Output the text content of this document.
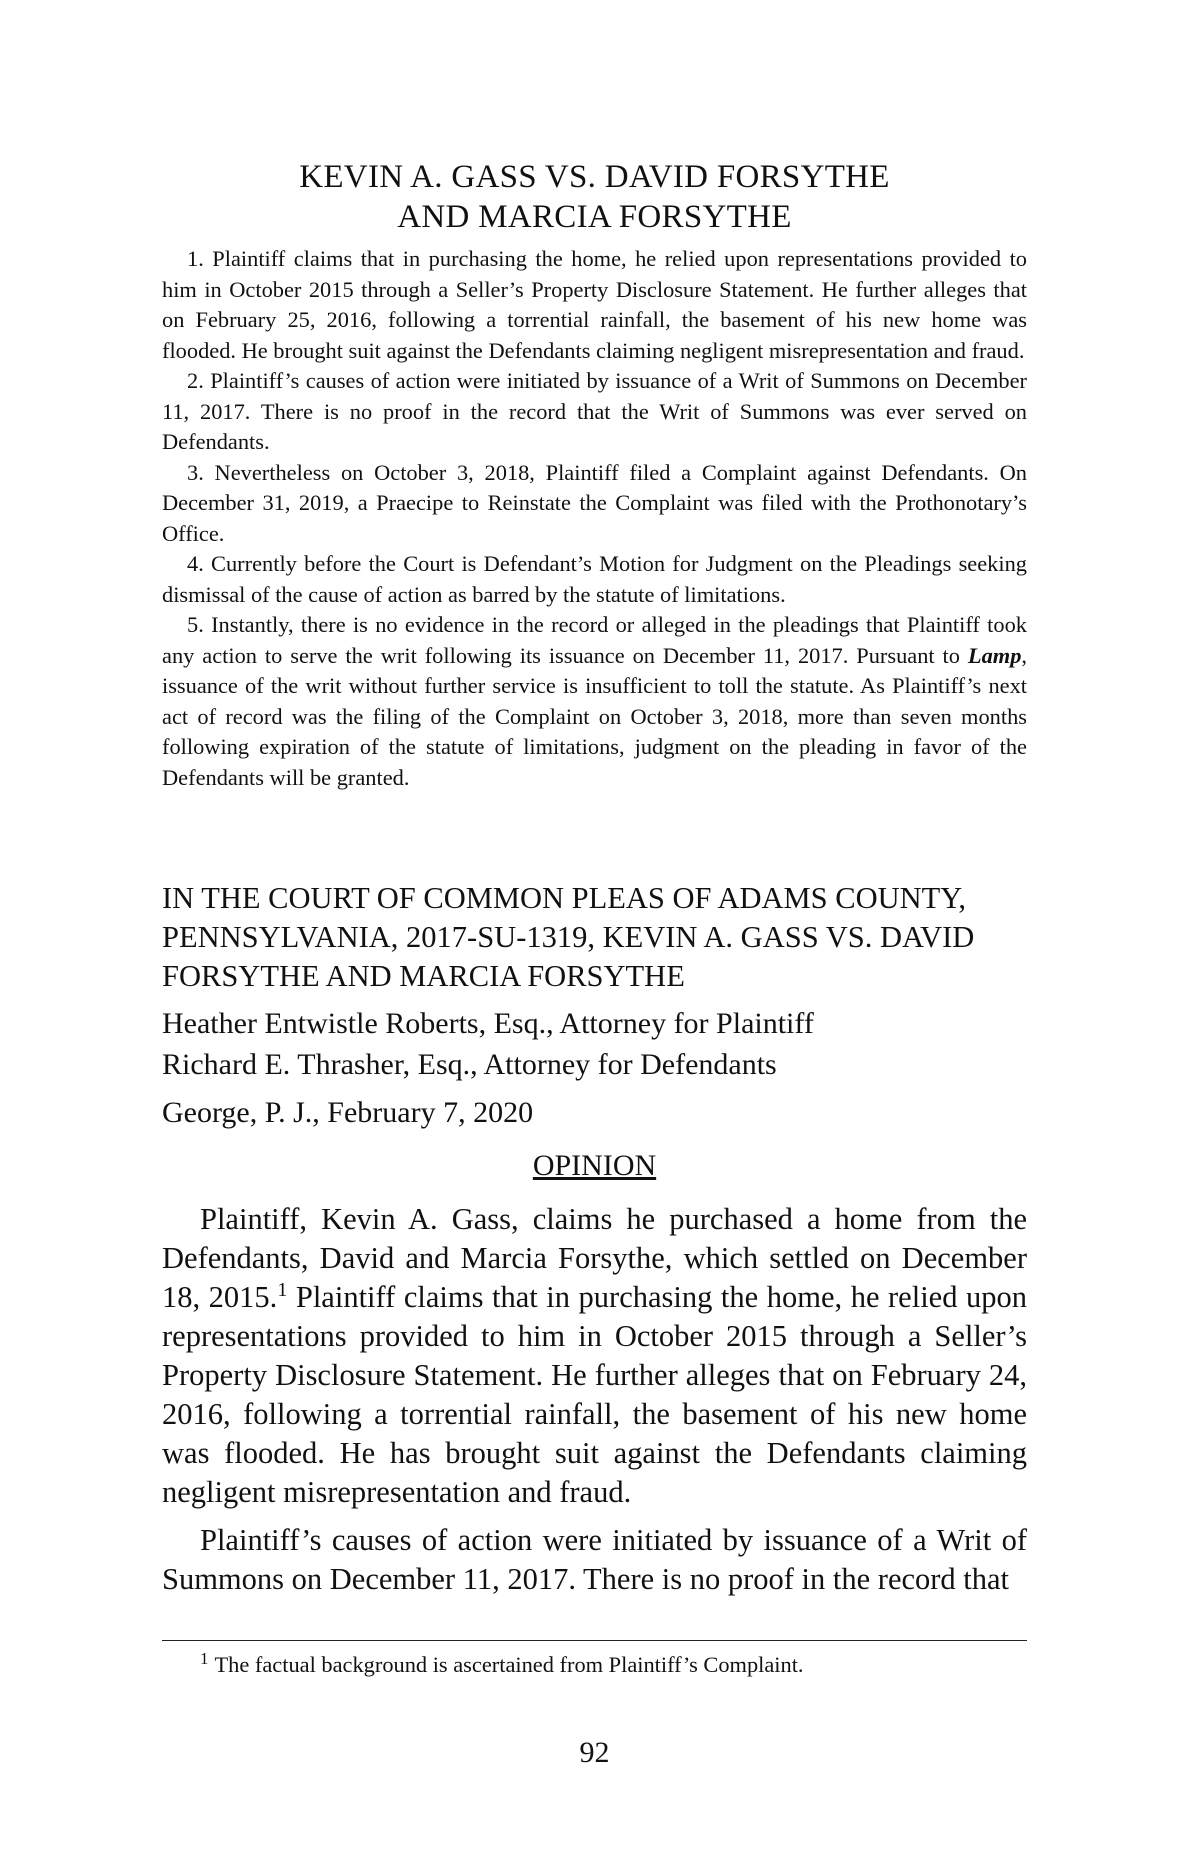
KEVIN A. GASS VS. DAVID FORSYTHE
AND MARCIA FORSYTHE

1. Plaintiff claims that in purchasing the home, he relied upon representations provided to him in October 2015 through a Seller’s Property Disclosure Statement. He further alleges that on February 25, 2016, following a torrential rainfall, the basement of his new home was flooded. He brought suit against the Defendants claiming negligent misrepresentation and fraud.

2. Plaintiff’s causes of action were initiated by issuance of a Writ of Summons on December 11, 2017. There is no proof in the record that the Writ of Summons was ever served on Defendants.

3. Nevertheless on October 3, 2018, Plaintiff filed a Complaint against Defendants. On December 31, 2019, a Praecipe to Reinstate the Complaint was filed with the Prothonotary’s Office.

4. Currently before the Court is Defendant’s Motion for Judgment on the Pleadings seeking dismissal of the cause of action as barred by the statute of limitations.

5. Instantly, there is no evidence in the record or alleged in the pleadings that Plaintiff took any action to serve the writ following its issuance on December 11, 2017. Pursuant to Lamp, issuance of the writ without further service is insufficient to toll the statute. As Plaintiff’s next act of record was the filing of the Complaint on October 3, 2018, more than seven months following expiration of the statute of limitations, judgment on the pleading in favor of the Defendants will be granted.

IN THE COURT OF COMMON PLEAS OF ADAMS COUNTY, PENNSYLVANIA, 2017-SU-1319, KEVIN A. GASS VS. DAVID FORSYTHE AND MARCIA FORSYTHE
Heather Entwistle Roberts, Esq., Attorney for Plaintiff
Richard E. Thrasher, Esq., Attorney for Defendants
George, P. J., February 7, 2020
OPINION

Plaintiff, Kevin A. Gass, claims he purchased a home from the Defendants, David and Marcia Forsythe, which settled on December 18, 2015.$^1$ Plaintiff claims that in purchasing the home, he relied upon representations provided to him in October 2015 through a Seller’s Property Disclosure Statement. He further alleges that on February 24, 2016, following a torrential rainfall, the basement of his new home was flooded. He has brought suit against the Defendants claiming negligent misrepresentation and fraud.

Plaintiff’s causes of action were initiated by issuance of a Writ of Summons on December 11, 2017. There is no proof in the record that

$^1$ The factual background is ascertained from Plaintiff’s Complaint.
92
